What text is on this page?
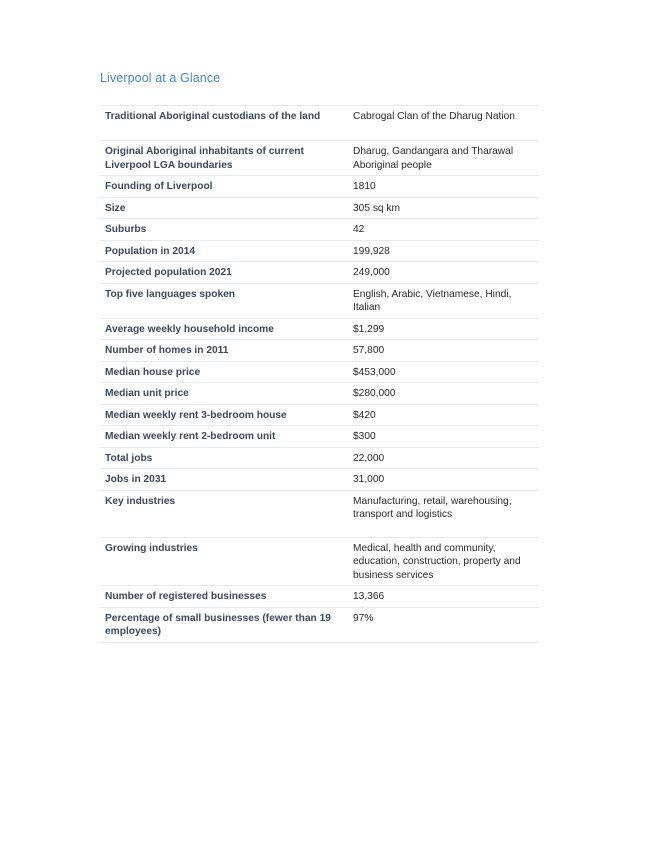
Liverpool at a Glance
Traditional Aboriginal custodians of the land	Cabrogal Clan of the Dharug Nation
Original Aboriginal inhabitants of current Liverpool LGA boundaries	Dharug, Gandangara and Tharawal Aboriginal people
Founding of Liverpool	1810
Size	305 sq km
Suburbs	42
Population in 2014	199,928
Projected population 2021	249,000
Top five languages spoken	English, Arabic, Vietnamese, Hindi, Italian
Average weekly household income	$1,299
Number of homes in 2011	57,800
Median house price	$453,000
Median unit price	$280,000
Median weekly rent 3-bedroom house	$420
Median weekly rent 2-bedroom unit	$300
Total jobs	22,000
Jobs in 2031	31,000
Key industries	Manufacturing, retail, warehousing, transport and logistics
Growing industries	Medical, health and community, education, construction, property and business services
Number of registered businesses	13,366
Percentage of small businesses (fewer than 19 employees)	97%
